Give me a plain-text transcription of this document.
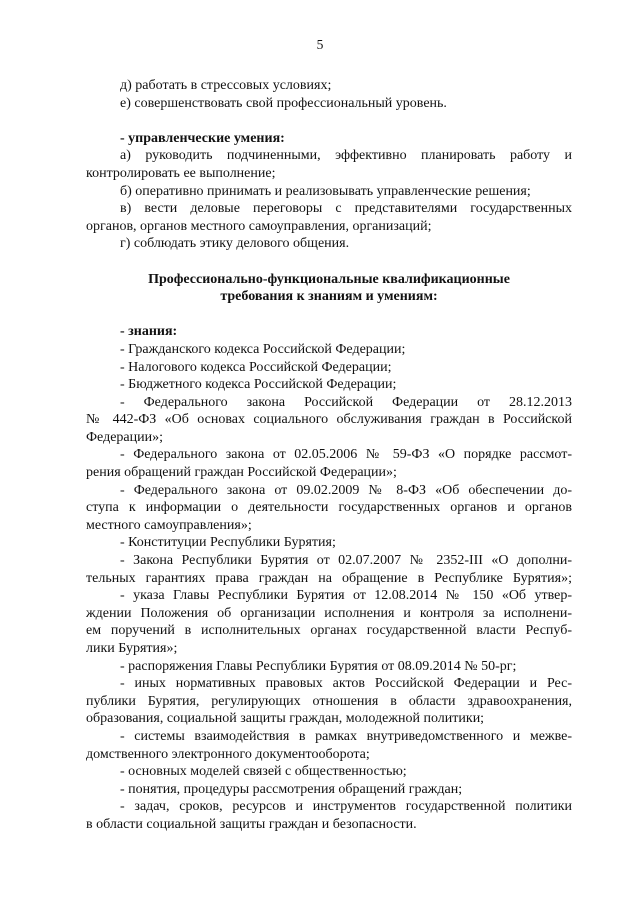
5
д) работать в стрессовых условиях;
е) совершенствовать свой профессиональный уровень.
- управленческие умения:
а) руководить подчиненными, эффективно планировать работу и
контролировать ее выполнение;
б) оперативно принимать и реализовывать управленческие решения;
в) вести деловые переговоры с представителями государственных
органов, органов местного самоуправления, организаций;
г) соблюдать этику делового общения.
Профессионально-функциональные квалификационные
требования к знаниям и умениям:
- знания:
- Гражданского кодекса Российской Федерации;
- Налогового кодекса Российской Федерации;
- Бюджетного кодекса Российской Федерации;
- Федерального закона Российской Федерации от 28.12.2013
№ 442-ФЗ «Об основах социального обслуживания граждан в Российской
Федерации»;
- Федерального закона от 02.05.2006 № 59-ФЗ «О порядке рассмот-
рения обращений граждан Российской Федерации»;
- Федерального закона от 09.02.2009 № 8-ФЗ «Об обеспечении до-
ступа к информации о деятельности государственных органов и органов
местного самоуправления»;
- Конституции Республики Бурятия;
- Закона Республики Бурятия от 02.07.2007 № 2352-III «О дополни-
тельных гарантиях права граждан на обращение в Республике Бурятия»;
- указа Главы Республики Бурятия от 12.08.2014 № 150 «Об утвер-
ждении Положения об организации исполнения и контроля за исполнени-
ем поручений в исполнительных органах государственной власти Респуб-
лики Бурятия»;
- распоряжения Главы Республики Бурятия от 08.09.2014 № 50-рг;
- иных нормативных правовых актов Российской Федерации и Рес-
публики Бурятия, регулирующих отношения в области здравоохранения,
образования, социальной защиты граждан, молодежной политики;
- системы взаимодействия в рамках внутриведомственного и межве-
домственного электронного документооборота;
- основных моделей связей с общественностью;
- понятия, процедуры рассмотрения обращений граждан;
- задач, сроков, ресурсов и инструментов государственной политики
в области социальной защиты граждан и безопасности.
